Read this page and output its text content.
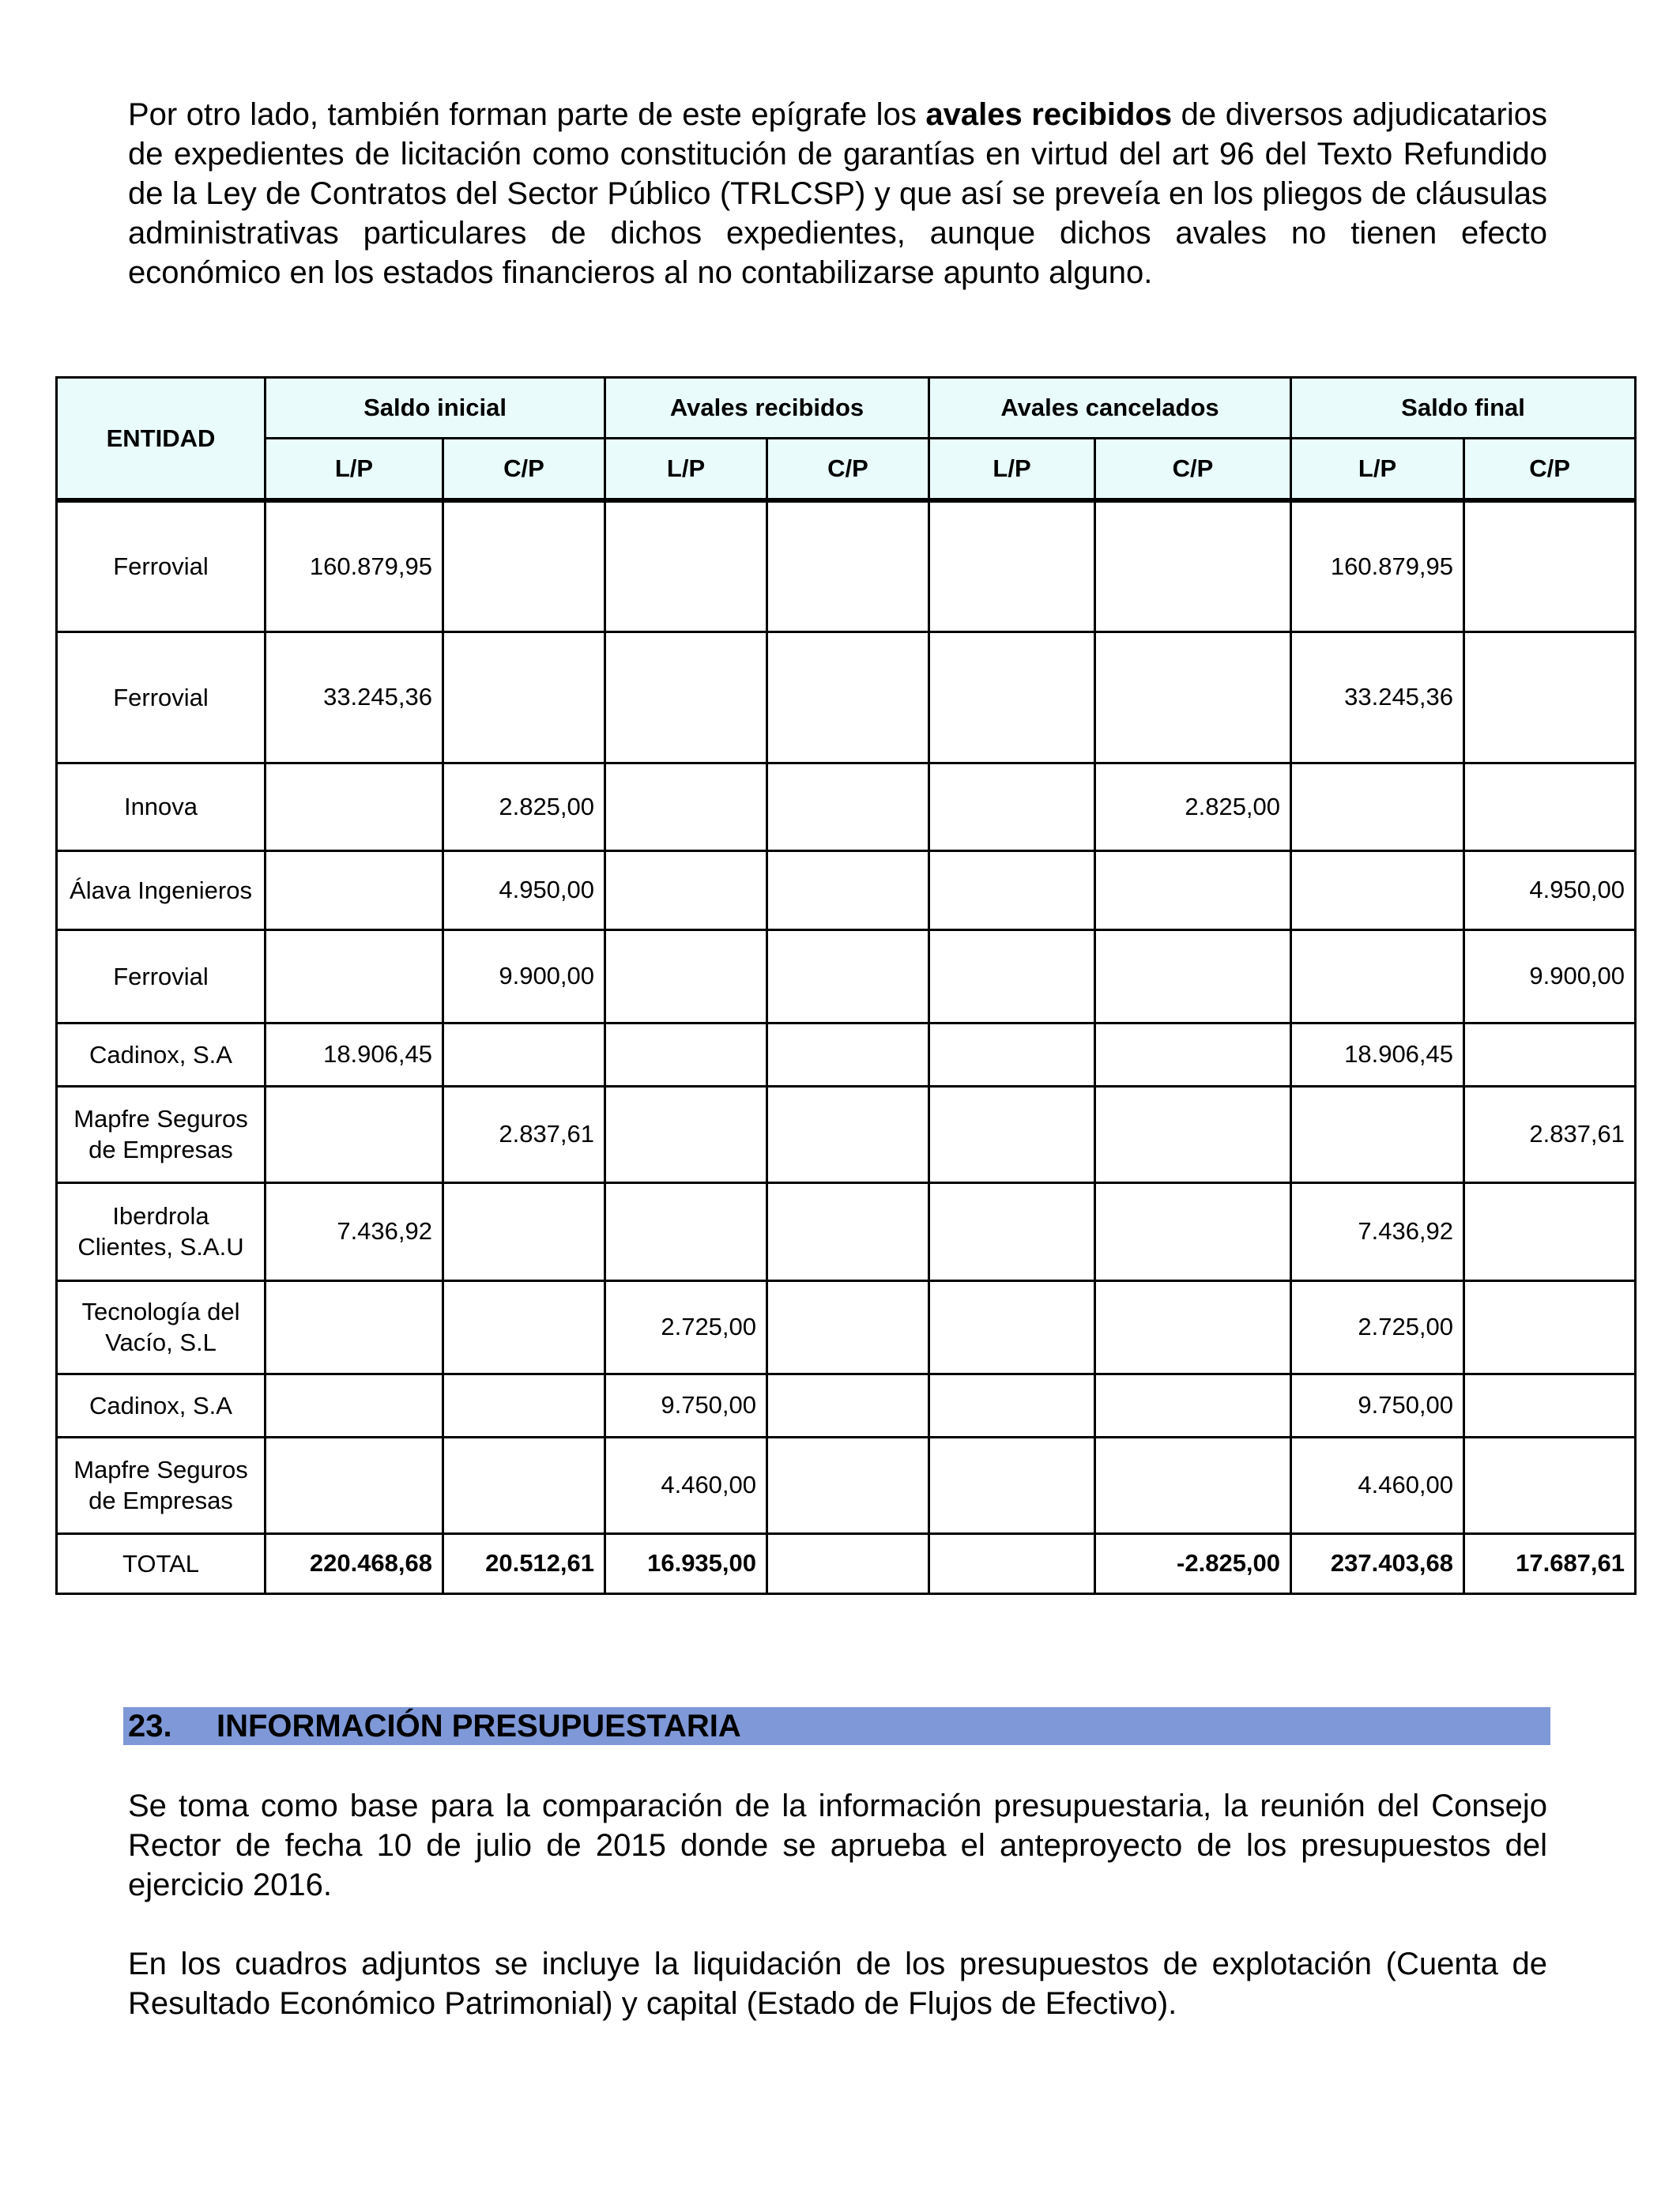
Por otro lado, también forman parte de este epígrafe los avales recibidos de diversos adjudicatarios de expedientes de licitación como constitución de garantías en virtud del art 96 del Texto Refundido de la Ley de Contratos del Sector Público (TRLCSP) y que así se preveía en los pliegos de cláusulas administrativas particulares de dichos expedientes, aunque dichos avales no tienen efecto económico en los estados financieros al no contabilizarse apunto alguno.

ENTIDAD	Saldo inicial		Avales recibidos		Avales cancelados		Saldo final	
	L/P	C/P	L/P	C/P	L/P	C/P	L/P	C/P
Ferrovial	160.879,95						160.879,95	
Ferrovial	33.245,36						33.245,36	
Innova		2.825,00				2.825,00		
Álava Ingenieros		4.950,00						4.950,00
Ferrovial		9.900,00						9.900,00
Cadinox, S.A	18.906,45						18.906,45	
Mapfre Seguros de Empresas		2.837,61						2.837,61
Iberdrola Clientes, S.A.U	7.436,92						7.436,92	
Tecnología del Vacío, S.L			2.725,00				2.725,00	
Cadinox, S.A			9.750,00				9.750,00	
Mapfre Seguros de Empresas			4.460,00				4.460,00	
TOTAL	220.468,68	20.512,61	16.935,00			-2.825,00	237.403,68	17.687,61
23. INFORMACIÓN PRESUPUESTARIA

Se toma como base para la comparación de la información presupuestaria, la reunión del Consejo Rector de fecha 10 de julio de 2015 donde se aprueba el anteproyecto de los presupuestos del ejercicio 2016.

En los cuadros adjuntos se incluye la liquidación de los presupuestos de explotación (Cuenta de Resultado Económico Patrimonial) y capital (Estado de Flujos de Efectivo).
